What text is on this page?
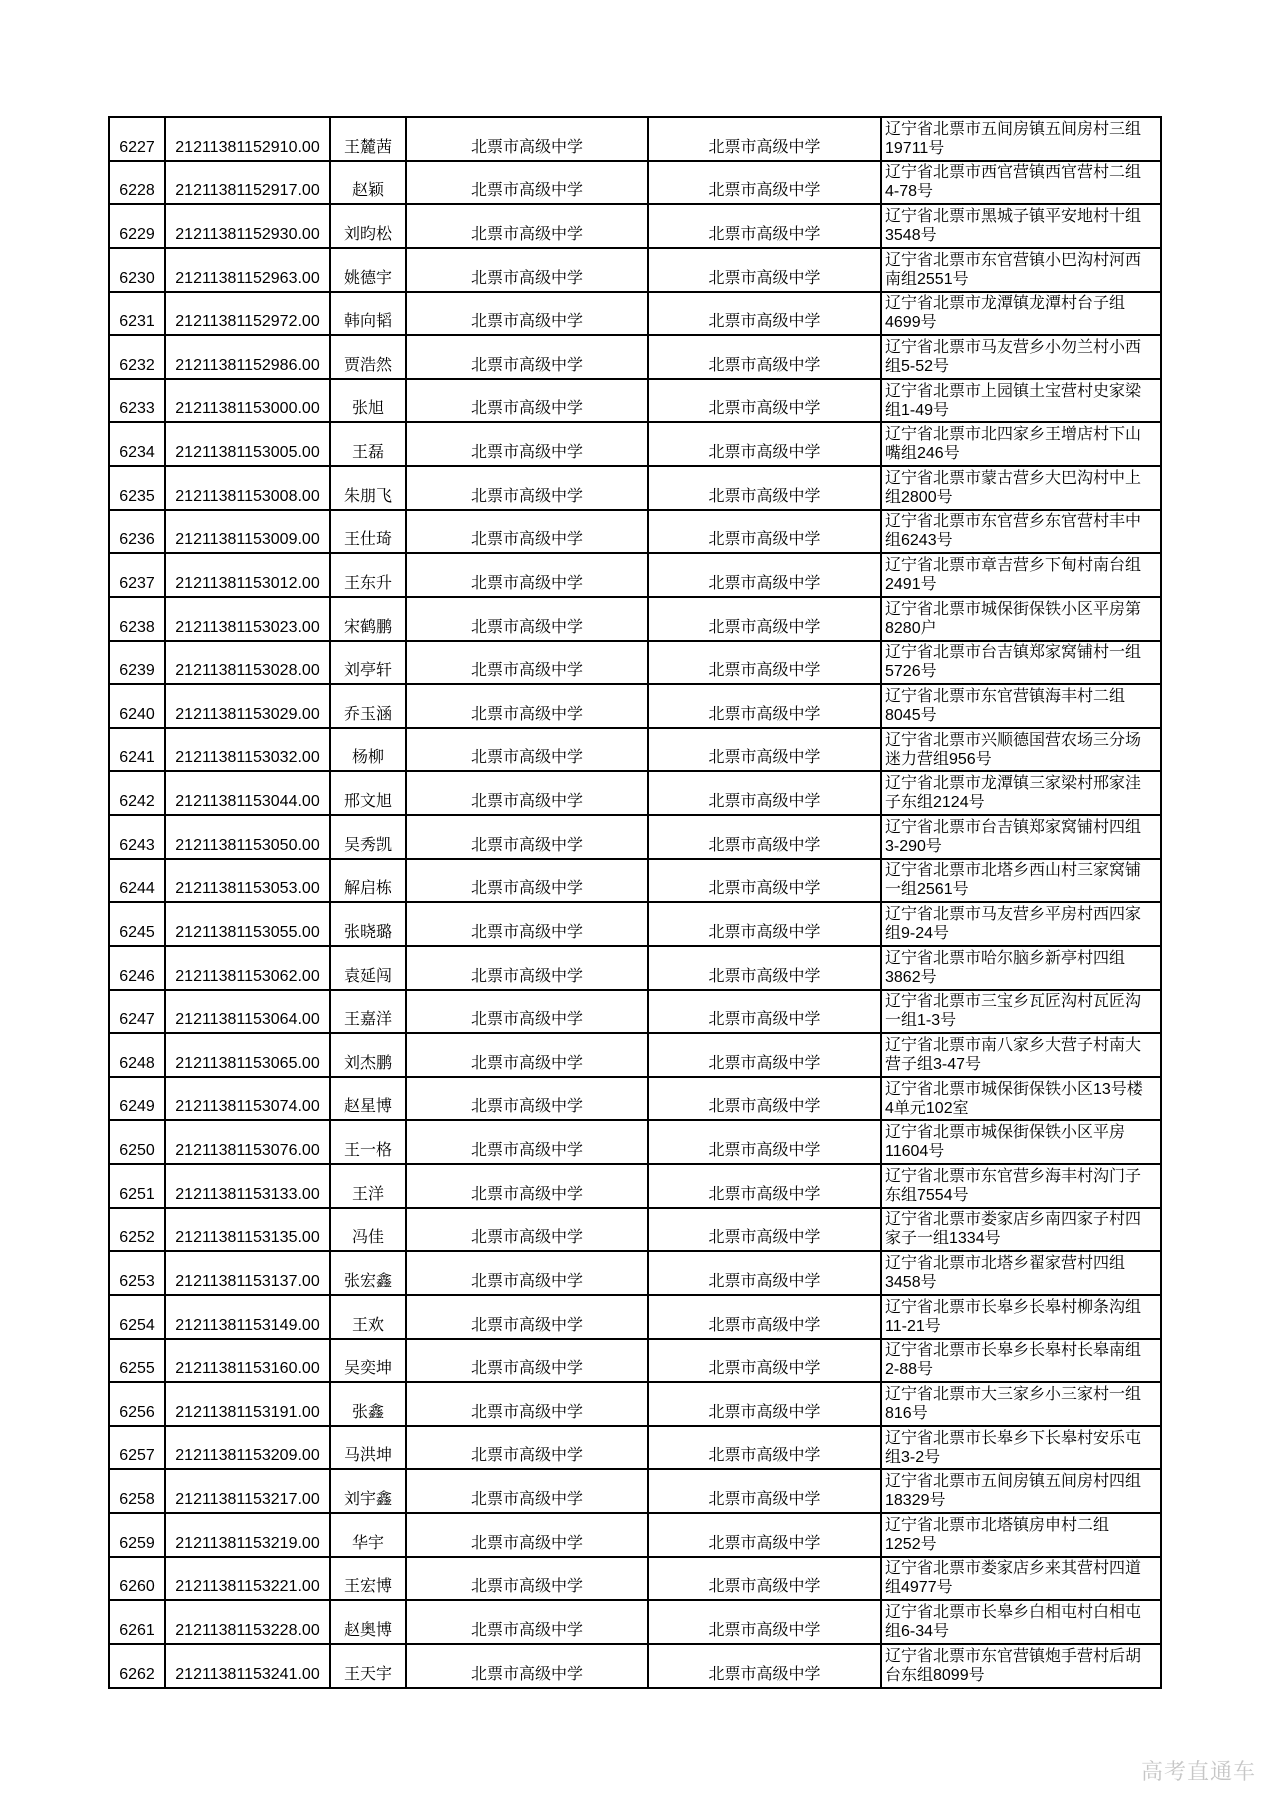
6227	21211381152910.00	王麓茜	北票市高级中学	北票市高级中学	辽宁省北票市五间房镇五间房村三组
19711号

6228	21211381152917.00	赵颖	北票市高级中学	北票市高级中学	辽宁省北票市西官营镇西官营村二组
4-78号

6229	21211381152930.00	刘昀松	北票市高级中学	北票市高级中学	辽宁省北票市黑城子镇平安地村十组
3548号

6230	21211381152963.00	姚德宇	北票市高级中学	北票市高级中学	辽宁省北票市东官营镇小巴沟村河西
南组2551号

6231	21211381152972.00	韩向韬	北票市高级中学	北票市高级中学	辽宁省北票市龙潭镇龙潭村台子组
4699号

6232	21211381152986.00	贾浩然	北票市高级中学	北票市高级中学	辽宁省北票市马友营乡小勿兰村小西
组5-52号

6233	21211381153000.00	张旭	北票市高级中学	北票市高级中学	辽宁省北票市上园镇土宝营村史家梁
组1-49号

6234	21211381153005.00	王磊	北票市高级中学	北票市高级中学	辽宁省北票市北四家乡王增店村下山
嘴组246号

6235	21211381153008.00	朱朋飞	北票市高级中学	北票市高级中学	辽宁省北票市蒙古营乡大巴沟村中上
组2800号

6236	21211381153009.00	王仕琦	北票市高级中学	北票市高级中学	辽宁省北票市东官营乡东官营村丰中
组6243号

6237	21211381153012.00	王东升	北票市高级中学	北票市高级中学	辽宁省北票市章吉营乡下甸村南台组
2491号

6238	21211381153023.00	宋鹤鹏	北票市高级中学	北票市高级中学	辽宁省北票市城保街保铁小区平房第
8280户

6239	21211381153028.00	刘亭轩	北票市高级中学	北票市高级中学	辽宁省北票市台吉镇郑家窝铺村一组
5726号

6240	21211381153029.00	乔玉涵	北票市高级中学	北票市高级中学	辽宁省北票市东官营镇海丰村二组
8045号

6241	21211381153032.00	杨柳	北票市高级中学	北票市高级中学	辽宁省北票市兴顺德国营农场三分场
迷力营组956号

6242	21211381153044.00	邢文旭	北票市高级中学	北票市高级中学	辽宁省北票市龙潭镇三家梁村邢家洼
子东组2124号

6243	21211381153050.00	吴秀凯	北票市高级中学	北票市高级中学	辽宁省北票市台吉镇郑家窝铺村四组
3-290号

6244	21211381153053.00	解启栋	北票市高级中学	北票市高级中学	辽宁省北票市北塔乡西山村三家窝铺
一组2561号

6245	21211381153055.00	张晓璐	北票市高级中学	北票市高级中学	辽宁省北票市马友营乡平房村西四家
组9-24号

6246	21211381153062.00	袁延闯	北票市高级中学	北票市高级中学	辽宁省北票市哈尔脑乡新亭村四组
3862号

6247	21211381153064.00	王嘉洋	北票市高级中学	北票市高级中学	辽宁省北票市三宝乡瓦匠沟村瓦匠沟
一组1-3号

6248	21211381153065.00	刘杰鹏	北票市高级中学	北票市高级中学	辽宁省北票市南八家乡大营子村南大
营子组3-47号

6249	21211381153074.00	赵星博	北票市高级中学	北票市高级中学	辽宁省北票市城保街保铁小区13号楼
4单元102室

6250	21211381153076.00	王一格	北票市高级中学	北票市高级中学	辽宁省北票市城保街保铁小区平房
11604号

6251	21211381153133.00	王洋	北票市高级中学	北票市高级中学	辽宁省北票市东官营乡海丰村沟门子
东组7554号

6252	21211381153135.00	冯佳	北票市高级中学	北票市高级中学	辽宁省北票市娄家店乡南四家子村四
家子一组1334号

6253	21211381153137.00	张宏鑫	北票市高级中学	北票市高级中学	辽宁省北票市北塔乡翟家营村四组
3458号

6254	21211381153149.00	王欢	北票市高级中学	北票市高级中学	辽宁省北票市长皋乡长皋村柳条沟组
11-21号

6255	21211381153160.00	吴奕坤	北票市高级中学	北票市高级中学	辽宁省北票市长皋乡长皋村长皋南组
2-88号

6256	21211381153191.00	张鑫	北票市高级中学	北票市高级中学	辽宁省北票市大三家乡小三家村一组
816号

6257	21211381153209.00	马洪坤	北票市高级中学	北票市高级中学	辽宁省北票市长皋乡下长皋村安乐屯
组3-2号

6258	21211381153217.00	刘宇鑫	北票市高级中学	北票市高级中学	辽宁省北票市五间房镇五间房村四组
18329号

6259	21211381153219.00	华宇	北票市高级中学	北票市高级中学	辽宁省北票市北塔镇房申村二组
1252号

6260	21211381153221.00	王宏博	北票市高级中学	北票市高级中学	辽宁省北票市娄家店乡来其营村四道
组4977号

6261	21211381153228.00	赵奥博	北票市高级中学	北票市高级中学	辽宁省北票市长皋乡白相屯村白相屯
组6-34号

6262	21211381153241.00	王天宇	北票市高级中学	北票市高级中学	辽宁省北票市东官营镇炮手营村后胡
台东组8099号
高考直通车
